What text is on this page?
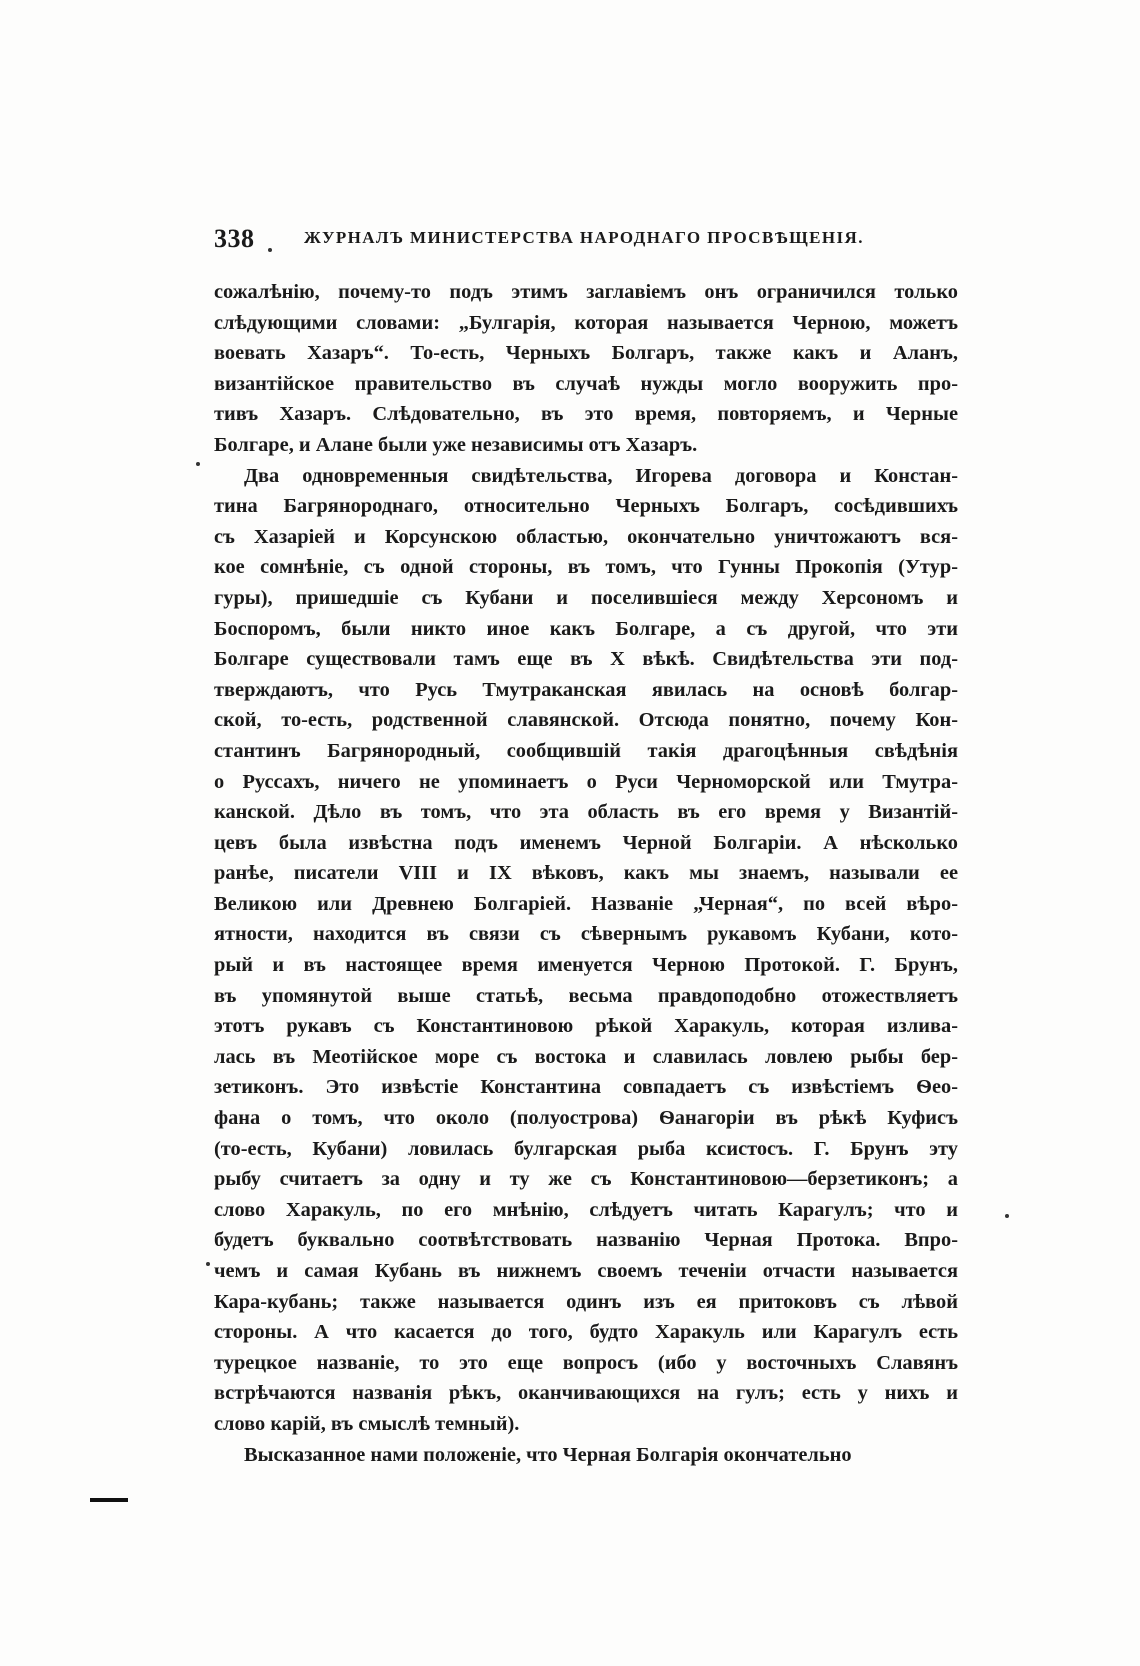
338	ЖУРНАЛЪ МИНИСТЕРСТВА НАРОДНАГО ПРОСВѢЩЕНІЯ.
сожалѣнію, почему-то подъ этимъ заглавіемъ онъ ограничился только
слѣдующими словами: „Булгарія, которая называется Черною, можетъ
воевать Хазаръ“. То-есть, Черныхъ Болгаръ, также какъ и Аланъ,
византійское правительство въ случаѣ нужды могло вооружить про-
тивъ Хазаръ. Слѣдовательно, въ это время, повторяемъ, и Черные
Болгаре, и Алане были уже независимы отъ Хазаръ.
Два одновременныя свидѣтельства, Игорева договора и Констан-
тина Багрянороднаго, относительно Черныхъ Болгаръ, сосѣдившихъ
съ Хазаріей и Корсунскою областью, окончательно уничтожаютъ вся-
кое сомнѣніе, съ одной стороны, въ томъ, что Гунны Прокопія (Утур-
гуры), пришедшіе съ Кубани и поселившіеся между Херсономъ и
Боспоромъ, были никто иное какъ Болгаре, а съ другой, что эти
Болгаре существовали тамъ еще въ X вѣкѣ. Свидѣтельства эти под-
тверждаютъ, что Русь Тмутраканская явилась на основѣ болгар-
ской, то-есть, родственной славянской. Отсюда понятно, почему Кон-
стантинъ Багрянородный, сообщившій такія драгоцѣнныя свѣдѣнія
о Руссахъ, ничего не упоминаетъ о Руси Черноморской или Тмутра-
канской. Дѣло въ томъ, что эта область въ его время у Византій-
цевъ была извѣстна подъ именемъ Черной Болгаріи. А нѣсколько
ранѣе, писатели VIII и IX вѣковъ, какъ мы знаемъ, называли ее
Великою или Древнею Болгаріей. Названіе „Черная“, по всей вѣро-
ятности, находится въ связи съ сѣвернымъ рукавомъ Кубани, кото-
рый и въ настоящее время именуется Черною Протокой. Г. Брунъ,
въ упомянутой выше статьѣ, весьма правдоподобно отожествляетъ
этотъ рукавъ съ Константиновою рѣкой Харакуль, которая излива-
лась въ Меотійское море съ востока и славилась ловлею рыбы бер-
зетиконъ. Это извѣстіе Константина совпадаетъ съ извѣстіемъ Ѳео-
фана о томъ, что около (полуострова) Ѳанагоріи въ рѣкѣ Куфисъ
(то-есть, Кубани) ловилась булгарская рыба ксистосъ. Г. Брунъ эту
рыбу считаетъ за одну и ту же съ Константиновою—берзетиконъ; а
слово Харакуль, по его мнѣнію, слѣдуетъ читать Карагулъ; что и
будетъ буквально соотвѣтствовать названію Черная Протока. Впро-
чемъ и самая Кубань въ нижнемъ своемъ теченіи отчасти называется
Кара-кубань; также называется одинъ изъ ея притоковъ съ лѣвой
стороны. А что касается до того, будто Харакуль или Карагулъ есть
турецкое названіе, то это еще вопросъ (ибо у восточныхъ Славянъ
встрѣчаются названія рѣкъ, оканчивающихся на гулъ; есть у нихъ и
слово карій, въ смыслѣ темный).
Высказанное нами положеніе, что Черная Болгарія окончательно
